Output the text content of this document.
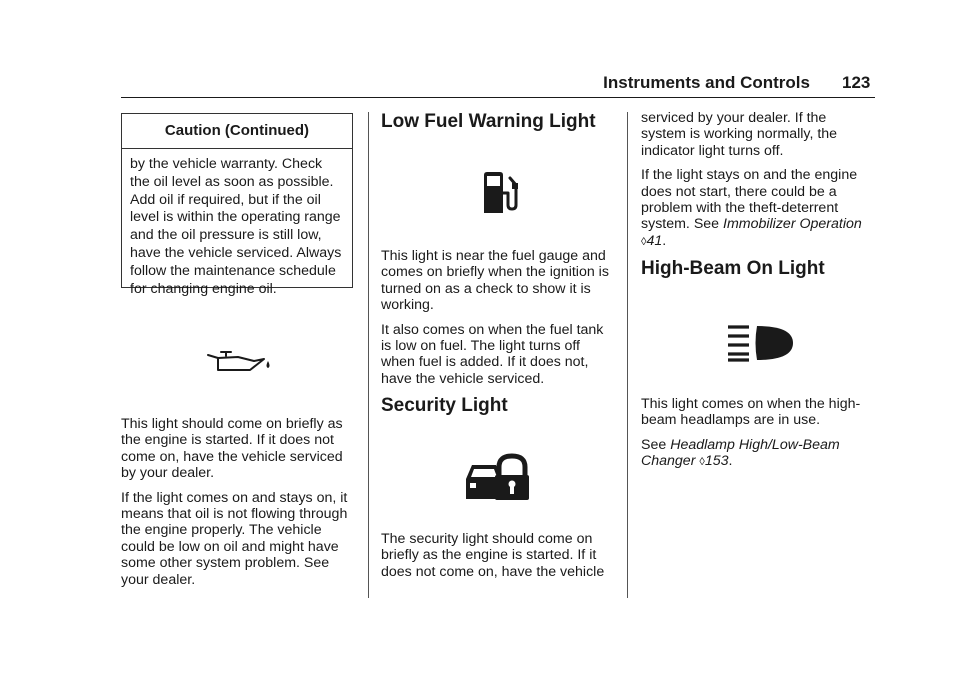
Instruments and Controls 123
Caution (Continued)
by the vehicle warranty. Check the oil level as soon as possible. Add oil if required, but if the oil level is within the operating range and the oil pressure is still low, have the vehicle serviced. Always follow the maintenance schedule for changing engine oil.

This light should come on briefly as the engine is started. If it does not come on, have the vehicle serviced by your dealer.

If the light comes on and stays on, it means that oil is not flowing through the engine properly. The vehicle could be low on oil and might have some other system problem. See your dealer.

Low Fuel Warning Light

This light is near the fuel gauge and comes on briefly when the ignition is turned on as a check to show it is working.

It also comes on when the fuel tank is low on fuel. The light turns off when fuel is added. If it does not, have the vehicle serviced.

Security Light

The security light should come on briefly as the engine is started. If it does not come on, have the vehicle

serviced by your dealer. If the system is working normally, the indicator light turns off.

If the light stays on and the engine does not start, there could be a problem with the theft-deterrent system. See Immobilizer Operation ◊41.

High-Beam On Light

This light comes on when the high-beam headlamps are in use.

See Headlamp High/Low-Beam Changer ◊153.
